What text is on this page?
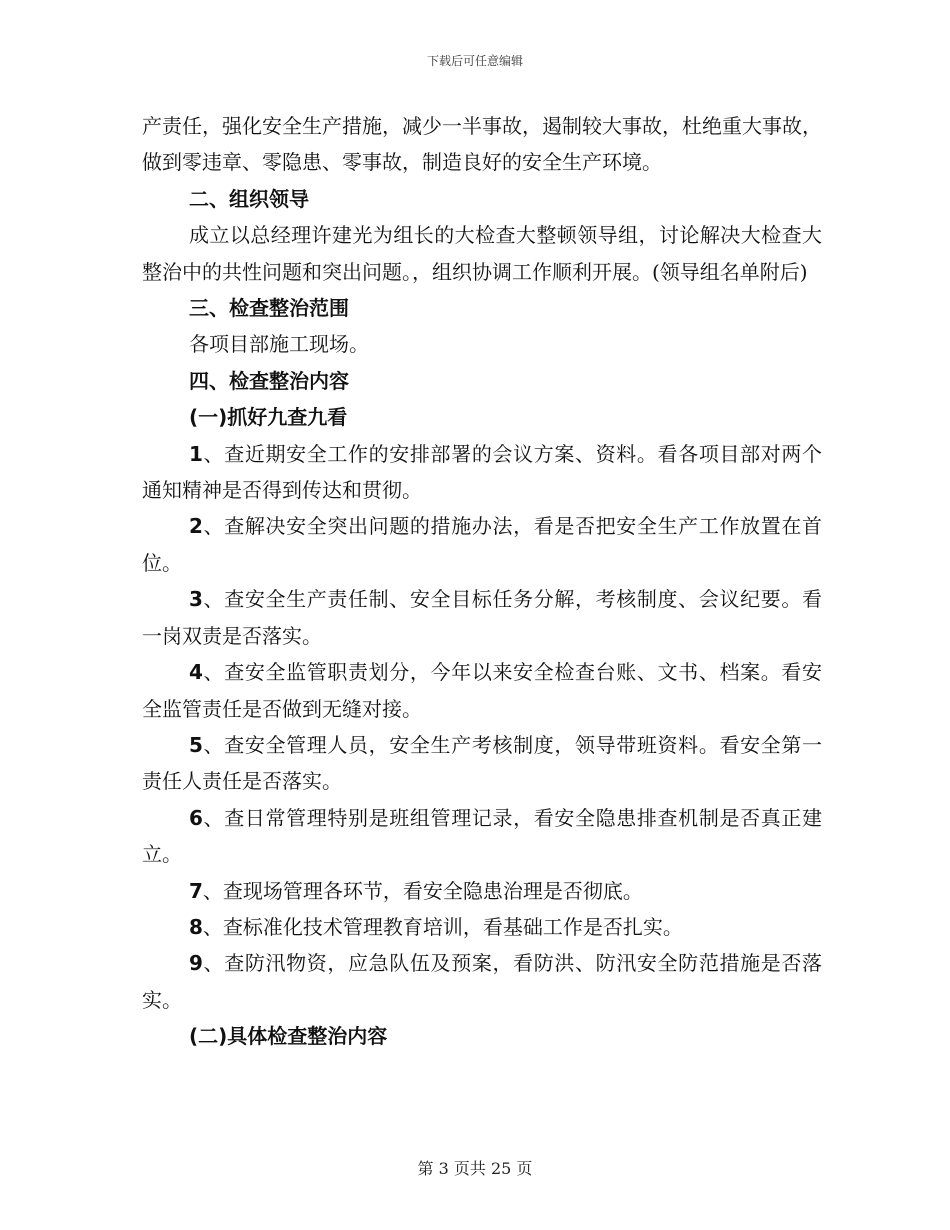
下载后可任意编辑

产责任，强化安全生产措施，减少一半事故，遏制较大事故，杜绝重大事故，做到零违章、零隐患、零事故，制造良好的安全生产环境。

二、组织领导

成立以总经理许建光为组长的大检查大整顿领导组，讨论解决大检查大整治中的共性问题和突出问题。，组织协调工作顺利开展。(领导组名单附后)

三、检查整治范围

各项目部施工现场。

四、检查整治内容

(一)抓好九查九看

1、查近期安全工作的安排部署的会议方案、资料。看各项目部对两个通知精神是否得到传达和贯彻。

2、查解决安全突出问题的措施办法，看是否把安全生产工作放置在首位。

3、查安全生产责任制、安全目标任务分解，考核制度、会议纪要。看一岗双责是否落实。

4、查安全监管职责划分，今年以来安全检查台账、文书、档案。看安全监管责任是否做到无缝对接。

5、查安全管理人员，安全生产考核制度，领导带班资料。看安全第一责任人责任是否落实。

6、查日常管理特别是班组管理记录，看安全隐患排查机制是否真正建立。

7、查现场管理各环节，看安全隐患治理是否彻底。

8、查标准化技术管理教育培训，看基础工作是否扎实。

9、查防汛物资，应急队伍及预案，看防洪、防汛安全防范措施是否落实。

(二)具体检查整治内容

第 3 页共 25 页
